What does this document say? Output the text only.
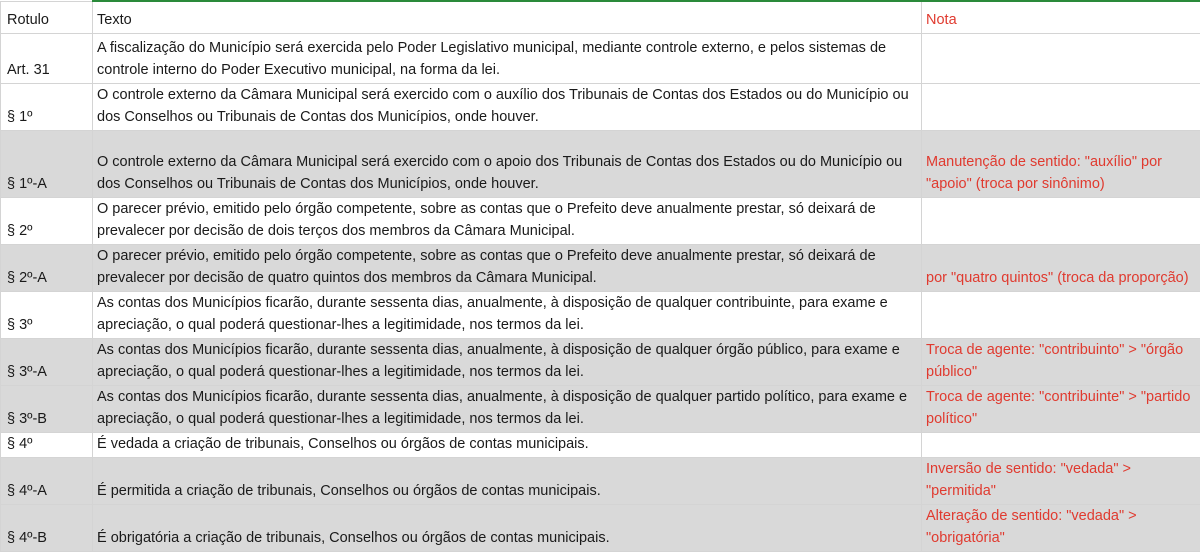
Rotulo	Texto	Nota
Art. 31	A fiscalização do Município será exercida pelo Poder Legislativo municipal, mediante controle externo, e pelos sistemas de controle interno do Poder Executivo municipal, na forma da lei.	
§ 1º	O controle externo da Câmara Municipal será exercido com o auxílio dos Tribunais de Contas dos Estados ou do Município ou dos Conselhos ou Tribunais de Contas dos Municípios, onde houver.	
§ 1º-A	O controle externo da Câmara Municipal será exercido com o apoio dos Tribunais de Contas dos Estados ou do Município ou dos Conselhos ou Tribunais de Contas dos Municípios, onde houver.	Manutenção de sentido: "auxílio" por "apoio" (troca por sinônimo)
§ 2º	O parecer prévio, emitido pelo órgão competente, sobre as contas que o Prefeito deve anualmente prestar, só deixará de prevalecer por decisão de dois terços dos membros da Câmara Municipal.	
§ 2º-A	O parecer prévio, emitido pelo órgão competente, sobre as contas que o Prefeito deve anualmente prestar, só deixará de prevalecer por decisão de quatro quintos dos membros da Câmara Municipal.	por "quatro quintos" (troca da proporção)
§ 3º	As contas dos Municípios ficarão, durante sessenta dias, anualmente, à disposição de qualquer contribuinte, para exame e apreciação, o qual poderá questionar-lhes a legitimidade, nos termos da lei.	
§ 3º-A	As contas dos Municípios ficarão, durante sessenta dias, anualmente, à disposição de qualquer órgão público, para exame e apreciação, o qual poderá questionar-lhes a legitimidade, nos termos da lei.	Troca de agente: "contribuinto" > "órgão público"
§ 3º-B	As contas dos Municípios ficarão, durante sessenta dias, anualmente, à disposição de qualquer partido político, para exame e apreciação, o qual poderá questionar-lhes a legitimidade, nos termos da lei.	Troca de agente: "contribuinte" > "partido político"
§ 4º	É vedada a criação de tribunais, Conselhos ou órgãos de contas municipais.	
§ 4º-A	É permitida a criação de tribunais, Conselhos ou órgãos de contas municipais.	Inversão de sentido: "vedada" > "permitida"
§ 4º-B	É obrigatória a criação de tribunais, Conselhos ou órgãos de contas municipais.	Alteração de sentido: "vedada" > "obrigatória"
